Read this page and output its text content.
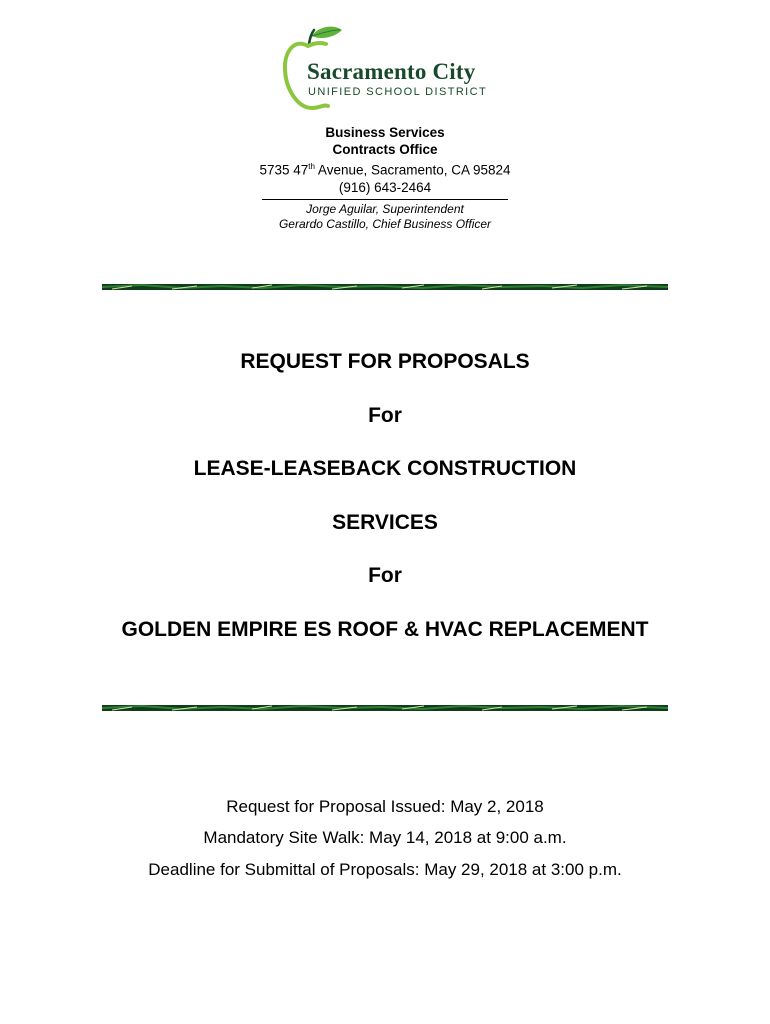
Sacramento City
UNIFIED SCHOOL DISTRICT
Business Services
Contracts Office
5735 47th Avenue, Sacramento, CA 95824
(916) 643-2464
Jorge Aguilar, Superintendent
Gerardo Castillo, Chief Business Officer
REQUEST FOR PROPOSALS
For
LEASE-LEASEBACK CONSTRUCTION
SERVICES
For
GOLDEN EMPIRE ES ROOF & HVAC REPLACEMENT
Request for Proposal Issued: May 2, 2018
Mandatory Site Walk: May 14, 2018 at 9:00 a.m.
Deadline for Submittal of Proposals: May 29, 2018 at 3:00 p.m.
